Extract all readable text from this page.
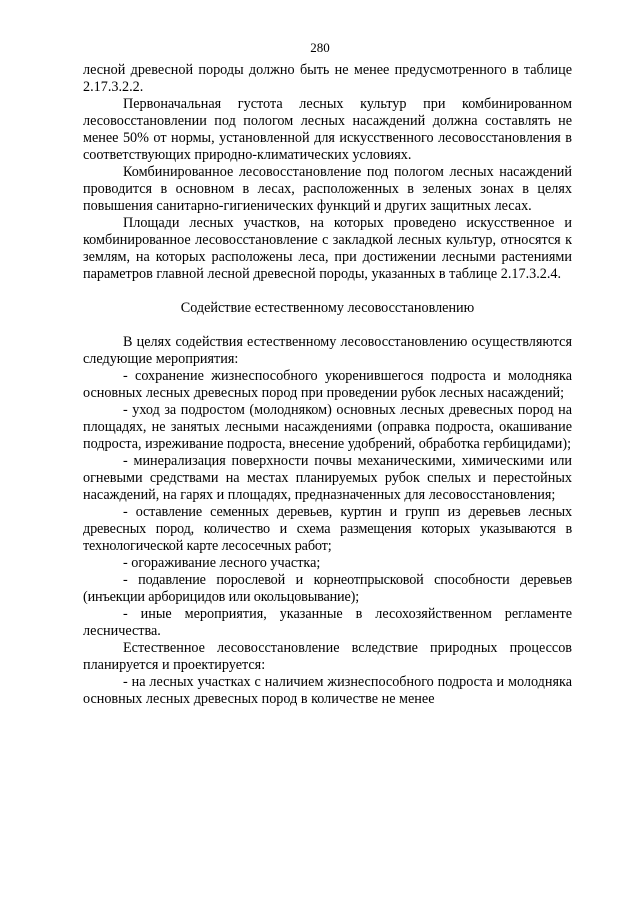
280

лесной древесной породы должно быть не менее предусмотренного в таблице 2.17.3.2.2.

Первоначальная густота лесных культур при комбинированном лесовосстановлении под пологом лесных насаждений должна составлять не менее 50% от нормы, установленной для искусственного лесовосстановления в соответствующих природно-климатических условиях.

Комбинированное лесовосстановление под пологом лесных насаждений проводится в основном в лесах, расположенных в зеленых зонах в целях повышения санитарно-гигиенических функций и других защитных лесах.

Площади лесных участков, на которых проведено искусственное и комбинированное лесовосстановление с закладкой лесных культур, относятся к землям, на которых расположены леса, при достижении лесными растениями параметров главной лесной древесной породы, указанных в таблице 2.17.3.2.4.

Содействие естественному лесовосстановлению

В целях содействия естественному лесовосстановлению осуществляются следующие мероприятия:

- сохранение жизнеспособного укоренившегося подроста и молодняка основных лесных древесных пород при проведении рубок лесных насаждений;

- уход за подростом (молодняком) основных лесных древесных пород на площадях, не занятых лесными насаждениями (оправка подроста, окашивание подроста, изреживание подроста, внесение удобрений, обработка гербицидами);

- минерализация поверхности почвы механическими, химическими или огневыми средствами на местах планируемых рубок спелых и перестойных насаждений, на гарях и площадях, предназначенных для лесовосстановления;

- оставление семенных деревьев, куртин и групп из деревьев лесных древесных пород, количество и схема размещения которых указываются в технологической карте лесосечных работ;

- огораживание лесного участка;

- подавление порослевой и корнеотпрысковой способности деревьев (инъекции арборицидов или окольцовывание);

- иные мероприятия, указанные в лесохозяйственном регламенте лесничества.

Естественное лесовосстановление вследствие природных процессов планируется и проектируется:

- на лесных участках с наличием жизнеспособного подроста и молодняка основных лесных древесных пород в количестве не менее
